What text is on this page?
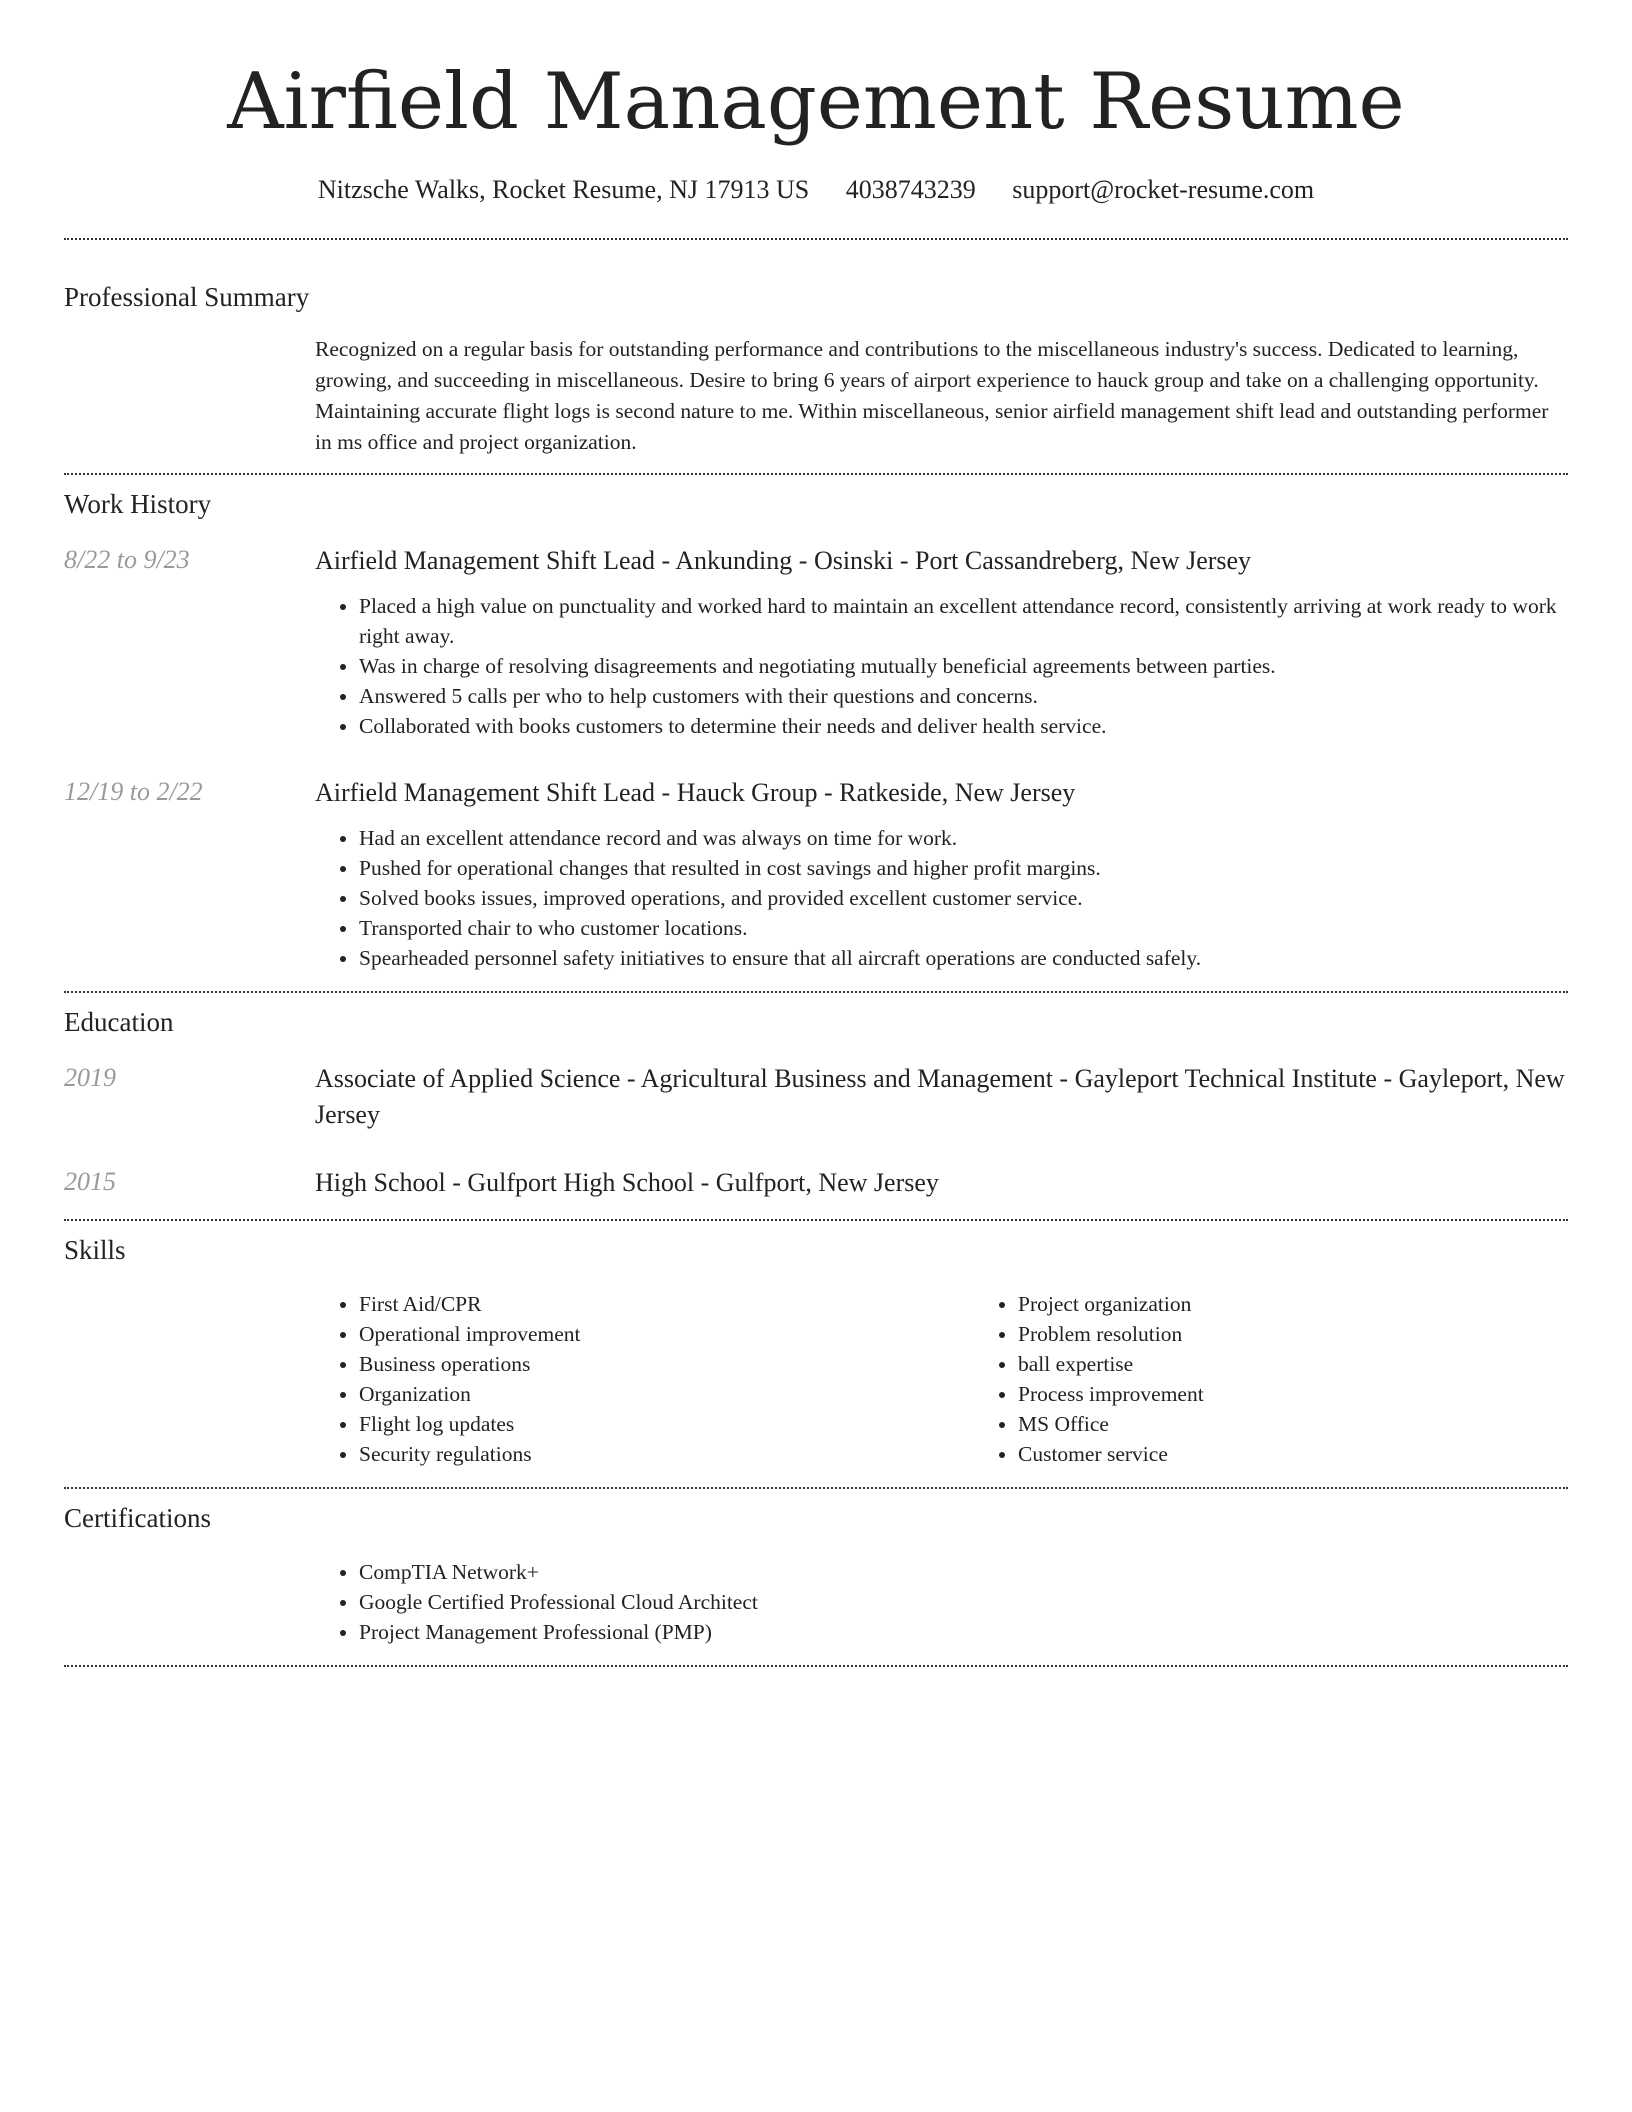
Airfield Management Resume
Nitzsche Walks, Rocket Resume, NJ 17913 US 4038743239 support@rocket-resume.com
Professional Summary

Recognized on a regular basis for outstanding performance and contributions to the miscellaneous industry's success. Dedicated to learning, growing, and succeeding in miscellaneous. Desire to bring 6 years of airport experience to hauck group and take on a challenging opportunity. Maintaining accurate flight logs is second nature to me. Within miscellaneous, senior airfield management shift lead and outstanding performer in ms office and project organization.

Work History
8/22 to 9/23	Airfield Management Shift Lead - Ankunding - Osinski - Port Cassandreberg, New Jersey
• Placed a high value on punctuality and worked hard to maintain an excellent attendance record, consistently arriving at work ready to work right away.
• Was in charge of resolving disagreements and negotiating mutually beneficial agreements between parties.
• Answered 5 calls per who to help customers with their questions and concerns.
• Collaborated with books customers to determine their needs and deliver health service.
12/19 to 2/22	Airfield Management Shift Lead - Hauck Group - Ratkeside, New Jersey
• Had an excellent attendance record and was always on time for work.
• Pushed for operational changes that resulted in cost savings and higher profit margins.
• Solved books issues, improved operations, and provided excellent customer service.
• Transported chair to who customer locations.
• Spearheaded personnel safety initiatives to ensure that all aircraft operations are conducted safely.
Education
2019	Associate of Applied Science - Agricultural Business and Management - Gayleport Technical Institute - Gayleport, New Jersey
2015	High School - Gulfport High School - Gulfport, New Jersey
Skills
• First Aid/CPR
• Operational improvement
• Business operations
• Organization
• Flight log updates
• Security regulations
• Project organization
• Problem resolution
• ball expertise
• Process improvement
• MS Office
• Customer service
Certifications
• CompTIA Network+
• Google Certified Professional Cloud Architect
• Project Management Professional (PMP)
